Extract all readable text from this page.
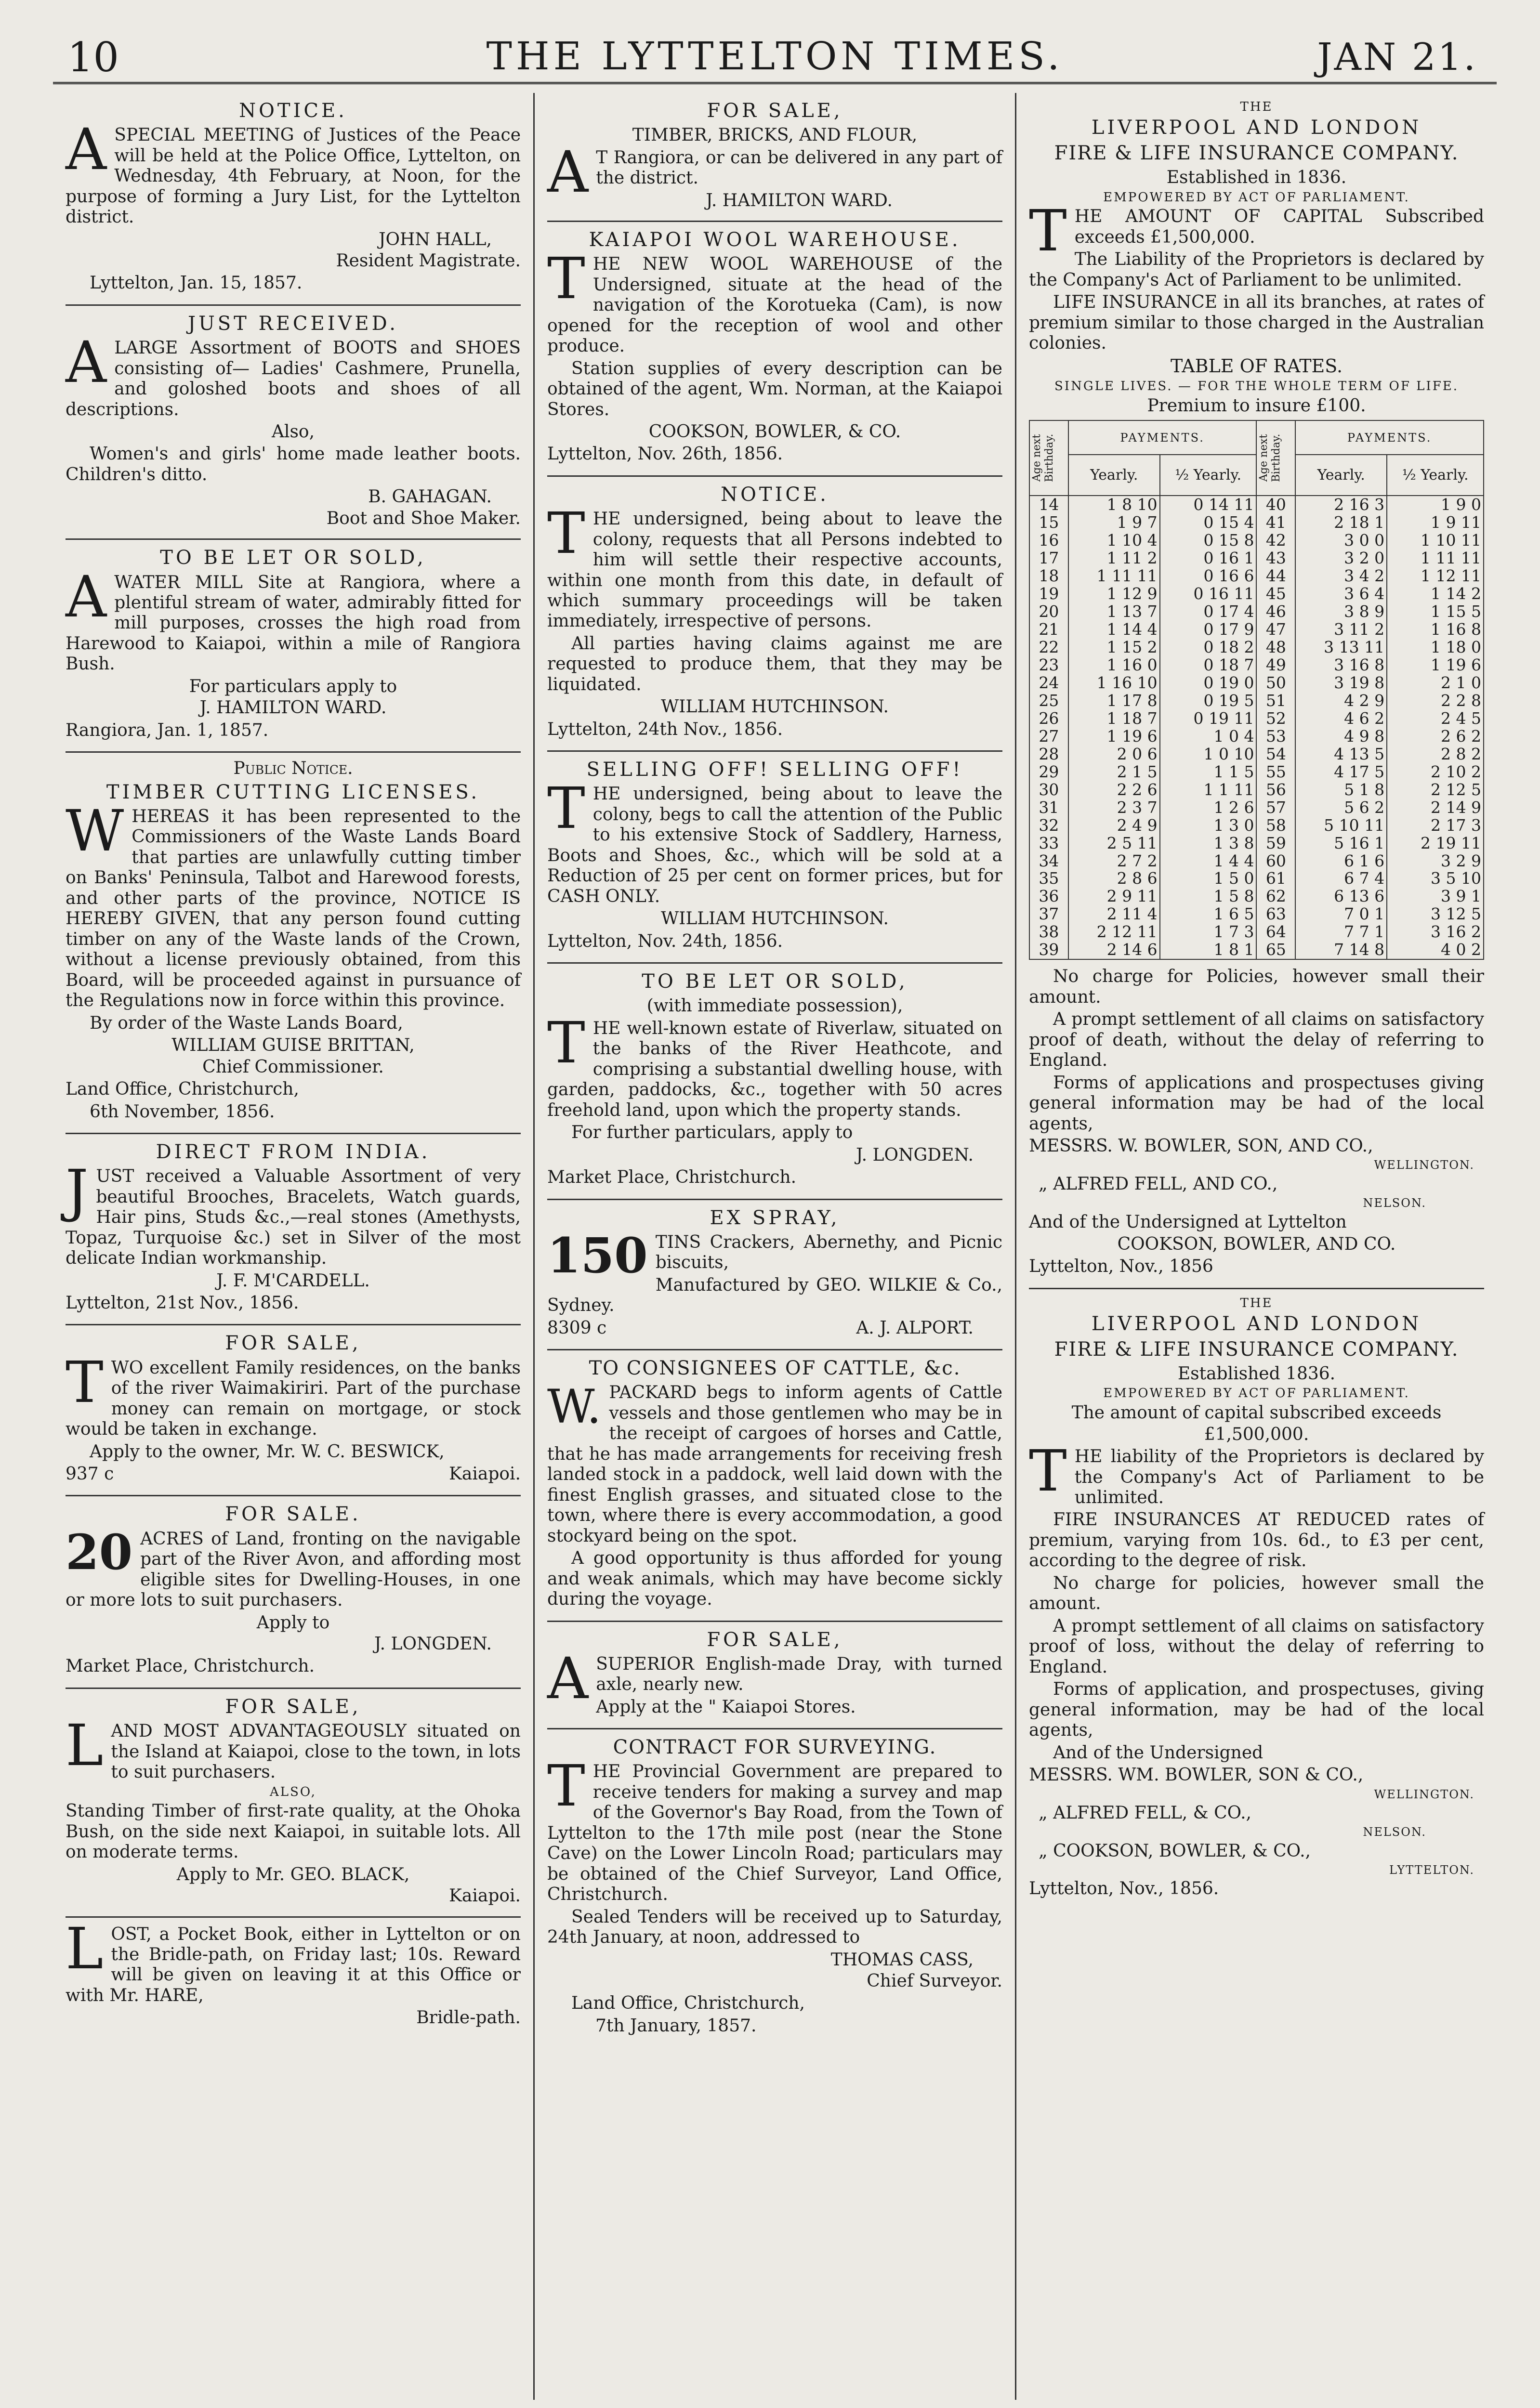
10	THE LYTTELTON TIMES.	JAN 21.
NOTICE.

ASPECIAL MEETING of Justices of the Peace will be held at the Police Office, Lyttelton, on Wednesday, 4th February, at Noon, for the purpose of forming a Jury List, for the Lyttelton district.

JOHN HALL,
Resident Magistrate.
Lyttelton, Jan. 15, 1857.
JUST RECEIVED.

ALARGE Assortment of BOOTS and SHOES consisting of— Ladies' Cashmere, Prunella, and goloshed boots and shoes of all descriptions.

Also,
Women's and girls' home made leather boots. Children's ditto.
B. GAHAGAN.
Boot and Shoe Maker.
TO BE LET OR SOLD,

AWATER MILL Site at Rangiora, where a plentiful stream of water, admirably fitted for mill purposes, crosses the high road from Harewood to Kaiapoi, within a mile of Rangiora Bush.

For particulars apply to
J. HAMILTON WARD.
Rangiora, Jan. 1, 1857.
Public Notice.
TIMBER CUTTING LICENSES.

WHEREAS it has been represented to the Commissioners of the Waste Lands Board that parties are unlawfully cutting timber on Banks' Peninsula, Talbot and Harewood forests, and other parts of the province, NOTICE IS HEREBY GIVEN, that any person found cutting timber on any of the Waste lands of the Crown, without a license previously obtained, from this Board, will be proceeded against in pursuance of the Regulations now in force within this province.

By order of the Waste Lands Board,
WILLIAM GUISE BRITTAN,
Chief Commissioner.
Land Office, Christchurch,
6th November, 1856.
DIRECT FROM INDIA.

JUST received a Valuable Assortment of very beautiful Brooches, Bracelets, Watch guards, Hair pins, Studs &c.,—real stones (Amethysts, Topaz, Turquoise &c.) set in Silver of the most delicate Indian workmanship.

J. F. M'CARDELL.
Lyttelton, 21st Nov., 1856.
FOR SALE,

TWO excellent Family residences, on the banks of the river Waimakiriri. Part of the purchase money can remain on mortgage, or stock would be taken in exchange.

Apply to the owner, Mr. W. C. BESWICK,
937 c	Kaiapoi.
FOR SALE.

20 ACRES of Land, fronting on the navigable part of the River Avon, and affording most eligible sites for Dwelling-Houses, in one or more lots to suit purchasers.

Apply to
J. LONGDEN.
Market Place, Christchurch.
FOR SALE,

LAND MOST ADVANTAGEOUSLY situated on the Island at Kaiapoi, close to the town, in lots to suit purchasers.

ALSO,
Standing Timber of first-rate quality, at the Ohoka Bush, on the side next Kaiapoi, in suitable lots. All on moderate terms.
Apply to Mr. GEO. BLACK,
Kaiapoi.

LOST, a Pocket Book, either in Lyttelton or on the Bridle-path, on Friday last; 10s. Reward will be given on leaving it at this Office or with Mr. HARE,

Bridle-path.
FOR SALE,
TIMBER, BRICKS, AND FLOUR,

A T Rangiora, or can be delivered in any part of the district.

J. HAMILTON WARD.
KAIAPOI WOOL WAREHOUSE.

THE NEW WOOL WAREHOUSE of the Undersigned, situate at the head of the navigation of the Korotueka (Cam), is now opened for the reception of wool and other produce.

Station supplies of every description can be obtained of the agent, Wm. Norman, at the Kaiapoi Stores.
COOKSON, BOWLER, & CO.
Lyttelton, Nov. 26th, 1856.
NOTICE.

THE undersigned, being about to leave the colony, requests that all Persons indebted to him will settle their respective accounts, within one month from this date, in default of which summary proceedings will be taken immediately, irrespective of persons.

All parties having claims against me are requested to produce them, that they may be liquidated.
WILLIAM HUTCHINSON.
Lyttelton, 24th Nov., 1856.
SELLING OFF! SELLING OFF!

THE undersigned, being about to leave the colony, begs to call the attention of the Public to his extensive Stock of Saddlery, Harness, Boots and Shoes, &c., which will be sold at a Reduction of 25 per cent on former prices, but for CASH ONLY.

WILLIAM HUTCHINSON.
Lyttelton, Nov. 24th, 1856.
TO BE LET OR SOLD,
(with immediate possession),

THE well-known estate of Riverlaw, situated on the banks of the River Heathcote, and comprising a substantial dwelling house, with garden, paddocks, &c., together with 50 acres freehold land, upon which the property stands.

For further particulars, apply to
J. LONGDEN.
Market Place, Christchurch.
EX SPRAY,

150 TINS Crackers, Abernethy, and Picnic biscuits,

Manufactured by GEO. WILKIE & Co., Sydney.
8309 c	A. J. ALPORT.
TO CONSIGNEES OF CATTLE, &c.

W. PACKARD begs to inform agents of Cattle vessels and those gentlemen who may be in the receipt of cargoes of horses and Cattle, that he has made arrangements for receiving fresh landed stock in a paddock, well laid down with the finest English grasses, and situated close to the town, where there is every accommodation, a good stockyard being on the spot.

A good opportunity is thus afforded for young and weak animals, which may have become sickly during the voyage.
FOR SALE,

ASUPERIOR English-made Dray, with turned axle, nearly new.

Apply at the " Kaiapoi Stores.
CONTRACT FOR SURVEYING.

THE Provincial Government are prepared to receive tenders for making a survey and map of the Governor's Bay Road, from the Town of Lyttelton to the 17th mile post (near the Stone Cave) on the Lower Lincoln Road; particulars may be obtained of the Chief Surveyor, Land Office, Christchurch.

Sealed Tenders will be received up to Saturday, 24th January, at noon, addressed to
THOMAS CASS,
Chief Surveyor.
Land Office, Christchurch,
7th January, 1857.
THE
LIVERPOOL AND LONDON
FIRE & LIFE INSURANCE COMPANY.
Established in 1836.
EMPOWERED BY ACT OF PARLIAMENT.

THE AMOUNT OF CAPITAL Subscribed exceeds £1,500,000.

The Liability of the Proprietors is declared by the Company's Act of Parliament to be unlimited.
LIFE INSURANCE in all its branches, at rates of premium similar to those charged in the Australian colonies.
TABLE OF RATES.
SINGLE LIVES. — FOR THE WHOLE TERM OF LIFE.
Premium to insure £100.
Age next Birthday.	PAYMENTS.		Age next Birthday.	PAYMENTS.	
	Yearly.	½ Yearly.		Yearly.	½ Yearly.
14	1 8 10	0 14 11	40	2 16 3	1 9 0
15	1 9 7	0 15 4	41	2 18 1	1 9 11
16	1 10 4	0 15 8	42	3 0 0	1 10 11
17	1 11 2	0 16 1	43	3 2 0	1 11 11
18	1 11 11	0 16 6	44	3 4 2	1 12 11
19	1 12 9	0 16 11	45	3 6 4	1 14 2
20	1 13 7	0 17 4	46	3 8 9	1 15 5
21	1 14 4	0 17 9	47	3 11 2	1 16 8
22	1 15 2	0 18 2	48	3 13 11	1 18 0
23	1 16 0	0 18 7	49	3 16 8	1 19 6
24	1 16 10	0 19 0	50	3 19 8	2 1 0
25	1 17 8	0 19 5	51	4 2 9	2 2 8
26	1 18 7	0 19 11	52	4 6 2	2 4 5
27	1 19 6	1 0 4	53	4 9 8	2 6 2
28	2 0 6	1 0 10	54	4 13 5	2 8 2
29	2 1 5	1 1 5	55	4 17 5	2 10 2
30	2 2 6	1 1 11	56	5 1 8	2 12 5
31	2 3 7	1 2 6	57	5 6 2	2 14 9
32	2 4 9	1 3 0	58	5 10 11	2 17 3
33	2 5 11	1 3 8	59	5 16 1	2 19 11
34	2 7 2	1 4 4	60	6 1 6	3 2 9
35	2 8 6	1 5 0	61	6 7 4	3 5 10
36	2 9 11	1 5 8	62	6 13 6	3 9 1
37	2 11 4	1 6 5	63	7 0 1	3 12 5
38	2 12 11	1 7 3	64	7 7 1	3 16 2
39	2 14 6	1 8 1	65	7 14 8	4 0 2
No charge for Policies, however small their amount.
A prompt settlement of all claims on satisfactory proof of death, without the delay of referring to England.
Forms of applications and prospectuses giving general information may be had of the local agents,
MESSRS. W. BOWLER, SON, AND CO.,
WELLINGTON.
„ ALFRED FELL, AND CO.,
NELSON.
And of the Undersigned at Lyttelton
COOKSON, BOWLER, AND CO.
Lyttelton, Nov., 1856
THE
LIVERPOOL AND LONDON
FIRE & LIFE INSURANCE COMPANY.
Established 1836.
EMPOWERED BY ACT OF PARLIAMENT.
The amount of capital subscribed exceeds
£1,500,000.

THE liability of the Proprietors is declared by the Company's Act of Parliament to be unlimited.

FIRE INSURANCES AT REDUCED rates of premium, varying from 10s. 6d., to £3 per cent, according to the degree of risk.
No charge for policies, however small the amount.
A prompt settlement of all claims on satisfactory proof of loss, without the delay of referring to England.
Forms of application, and prospectuses, giving general information, may be had of the local agents,
And of the Undersigned
MESSRS. WM. BOWLER, SON & CO.,
WELLINGTON.
„ ALFRED FELL, & CO.,
NELSON.
„ COOKSON, BOWLER, & CO.,
LYTTELTON.
Lyttelton, Nov., 1856.
